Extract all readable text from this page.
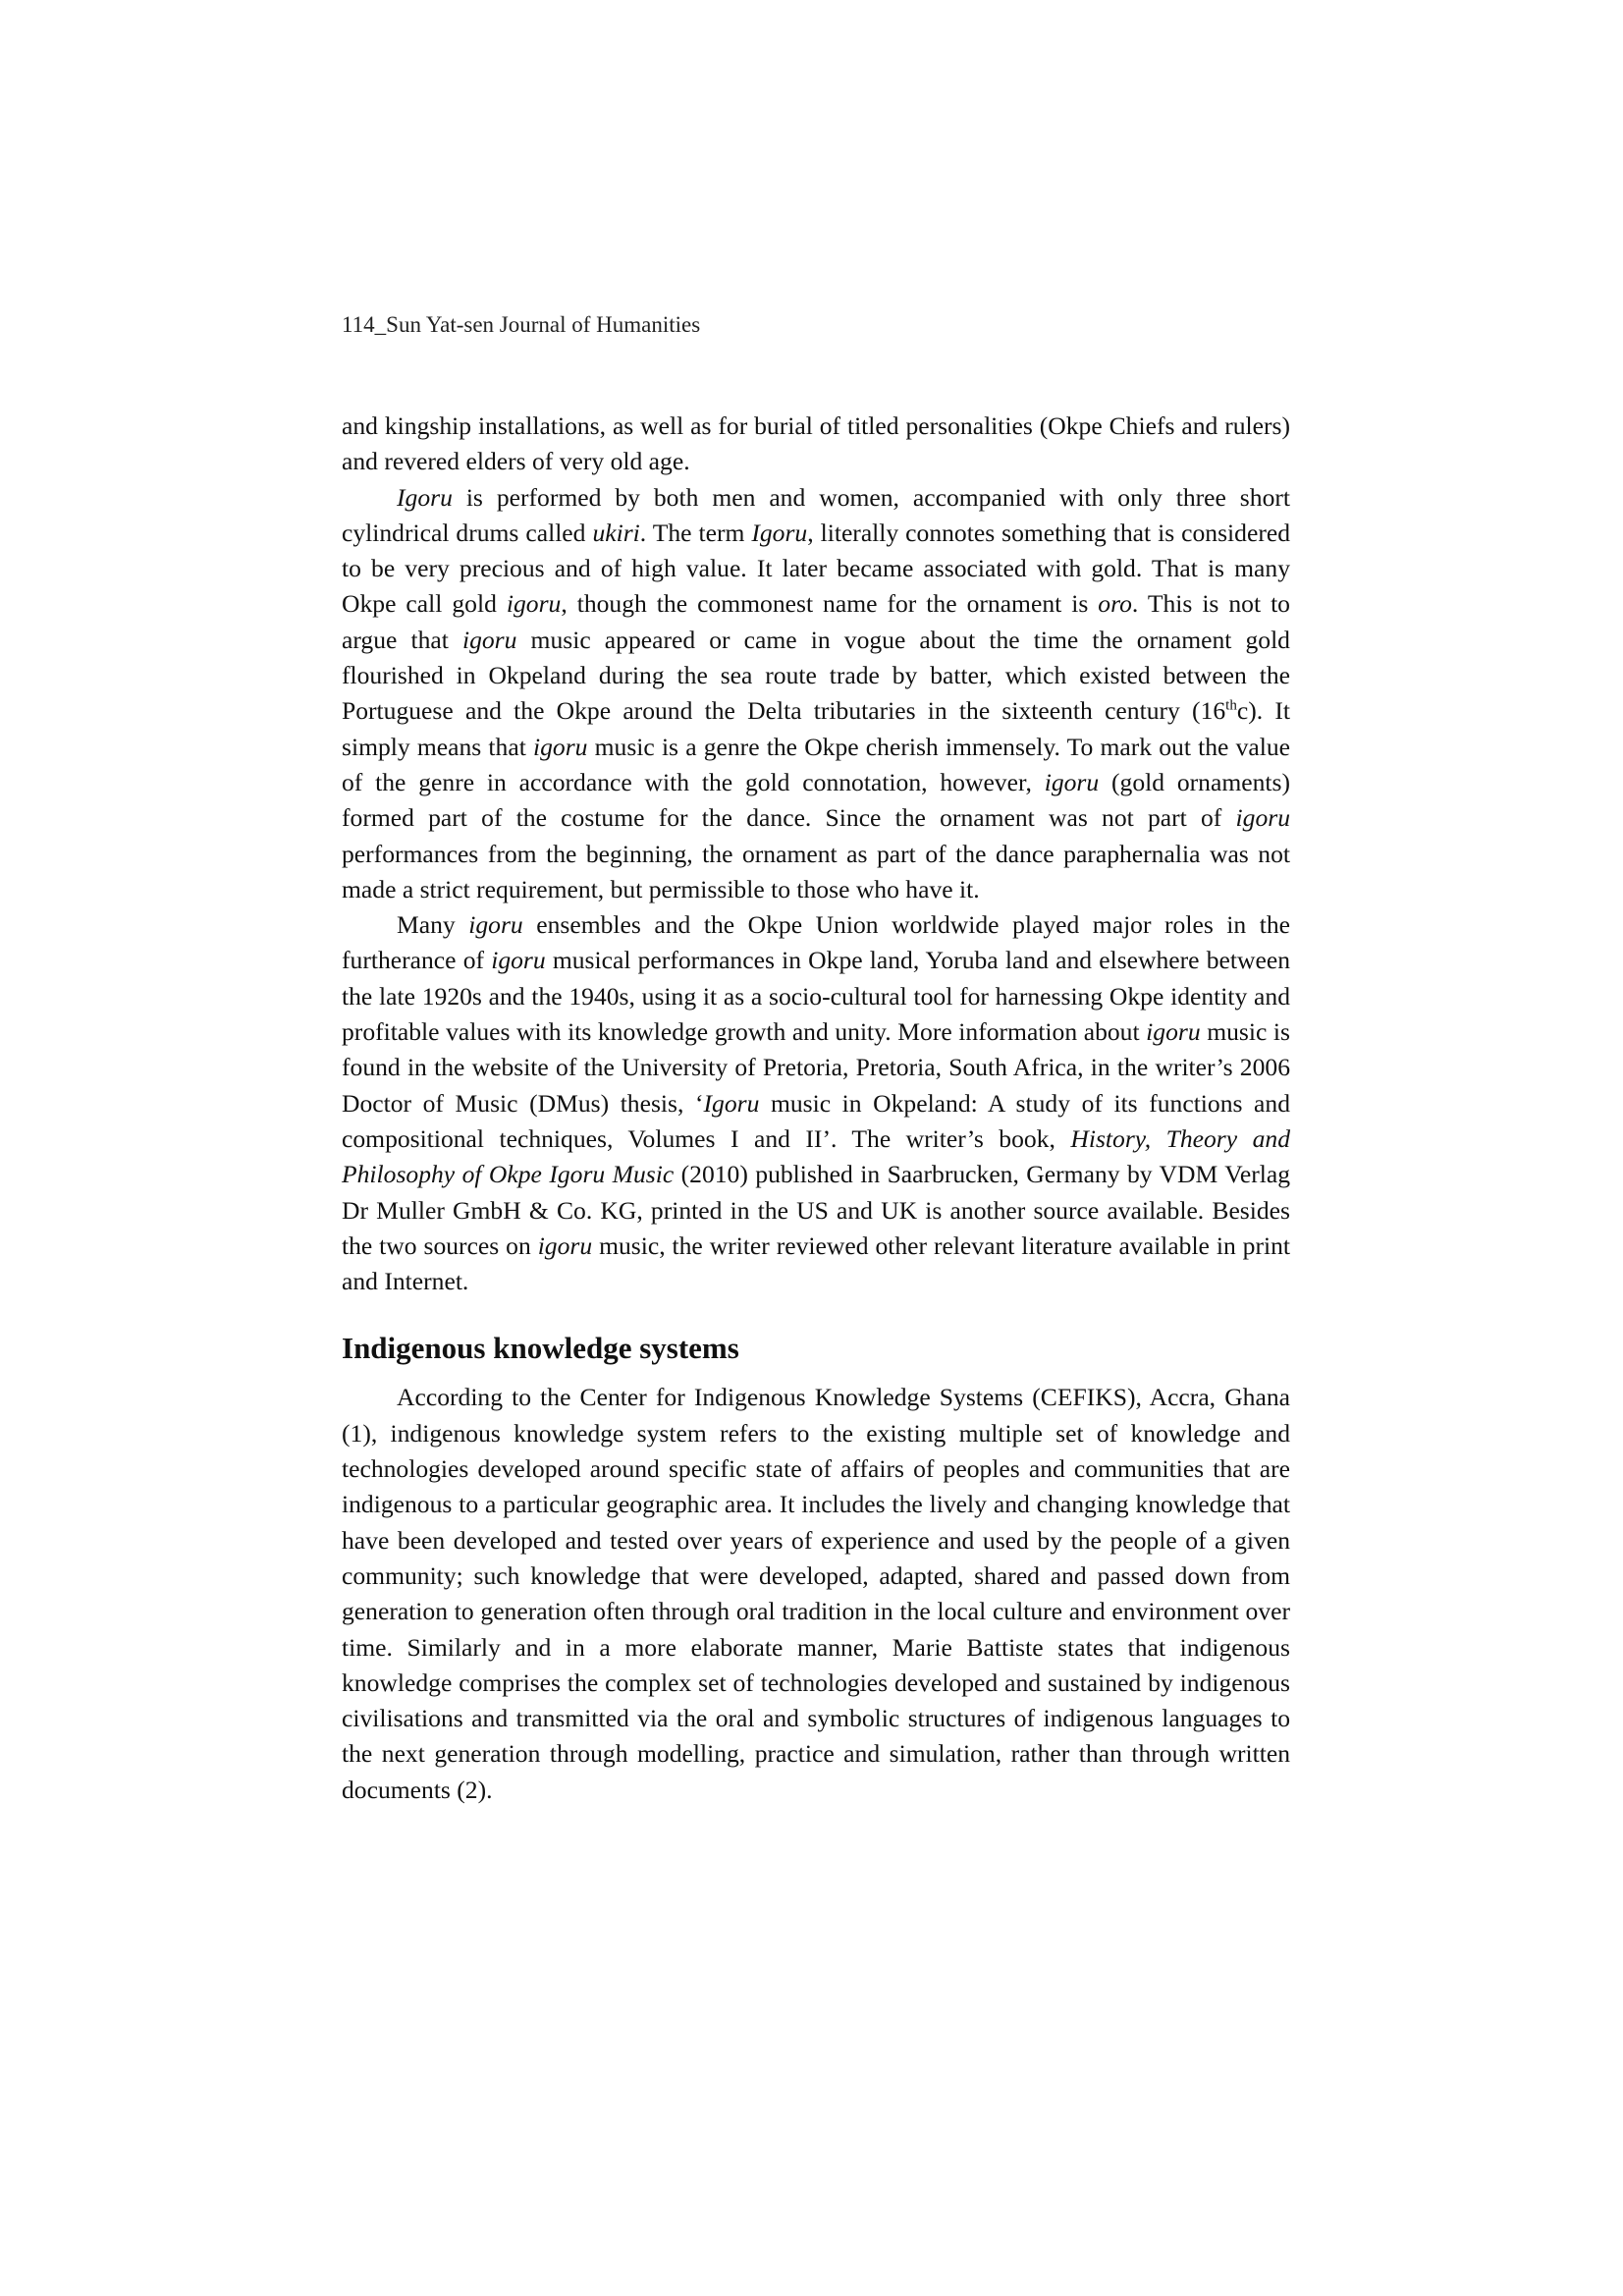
114_Sun Yat-sen Journal of Humanities

and kingship installations, as well as for burial of titled personalities (Okpe Chiefs and rulers) and revered elders of very old age.

Igoru is performed by both men and women, accompanied with only three short cylindrical drums called ukiri. The term Igoru, literally connotes something that is considered to be very precious and of high value. It later became associated with gold. That is many Okpe call gold igoru, though the commonest name for the ornament is oro. This is not to argue that igoru music appeared or came in vogue about the time the ornament gold flourished in Okpeland during the sea route trade by batter, which existed between the Portuguese and the Okpe around the Delta tributaries in the sixteenth century (16thc). It simply means that igoru music is a genre the Okpe cherish immensely. To mark out the value of the genre in accordance with the gold connotation, however, igoru (gold ornaments) formed part of the costume for the dance. Since the ornament was not part of igoru performances from the beginning, the ornament as part of the dance paraphernalia was not made a strict requirement, but permissible to those who have it.

Many igoru ensembles and the Okpe Union worldwide played major roles in the furtherance of igoru musical performances in Okpe land, Yoruba land and elsewhere between the late 1920s and the 1940s, using it as a socio-cultural tool for harnessing Okpe identity and profitable values with its knowledge growth and unity. More information about igoru music is found in the website of the University of Pretoria, Pretoria, South Africa, in the writer’s 2006 Doctor of Music (DMus) thesis, ‘Igoru music in Okpeland: A study of its functions and compositional techniques, Volumes I and II’. The writer’s book, History, Theory and Philosophy of Okpe Igoru Music (2010) published in Saarbrucken, Germany by VDM Verlag Dr Muller GmbH & Co. KG, printed in the US and UK is another source available. Besides the two sources on igoru music, the writer reviewed other relevant literature available in print and Internet.

Indigenous knowledge systems

According to the Center for Indigenous Knowledge Systems (CEFIKS), Accra, Ghana (1), indigenous knowledge system refers to the existing multiple set of knowledge and technologies developed around specific state of affairs of peoples and communities that are indigenous to a particular geographic area. It includes the lively and changing knowledge that have been developed and tested over years of experience and used by the people of a given community; such knowledge that were developed, adapted, shared and passed down from generation to generation often through oral tradition in the local culture and environment over time. Similarly and in a more elaborate manner, Marie Battiste states that indigenous knowledge comprises the complex set of technologies developed and sustained by indigenous civilisations and transmitted via the oral and symbolic structures of indigenous languages to the next generation through modelling, practice and simulation, rather than through written documents (2).
